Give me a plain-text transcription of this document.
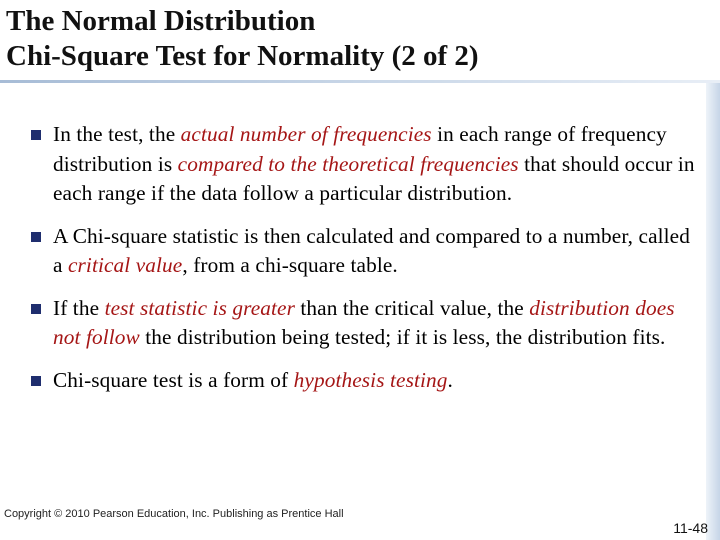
The Normal Distribution
Chi-Square Test for Normality (2 of 2)
In the test, the actual number of frequencies in each range of frequency distribution is compared to the theoretical frequencies that should occur in each range if the data follow a particular distribution.
A Chi-square statistic is then calculated and compared to a number, called a critical value, from a chi-square table.
If the test statistic is greater than the critical value, the distribution does not follow the distribution being tested; if it is less, the distribution fits.
Chi-square test is a form of hypothesis testing.
Copyright © 2010 Pearson Education, Inc. Publishing as Prentice Hall
11-48
